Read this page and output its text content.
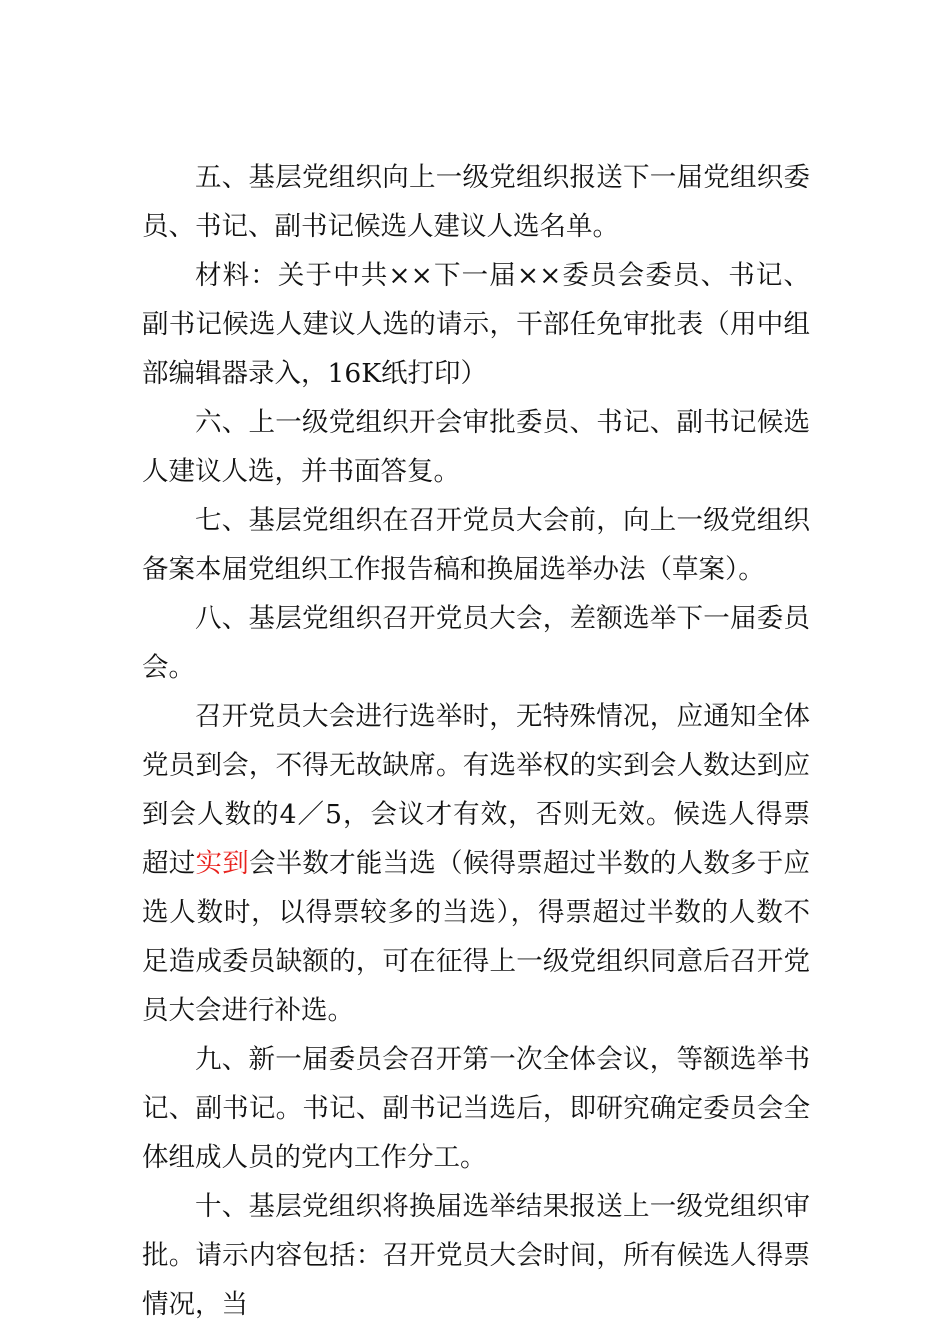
五、基层党组织向上一级党组织报送下一届党组织委员、书记、副书记候选人建议人选名单。

材料：关于中共××下一届××委员会委员、书记、副书记候选人建议人选的请示，干部任免审批表（用中组部编辑器录入，16K纸打印）

六、上一级党组织开会审批委员、书记、副书记候选人建议人选，并书面答复。

七、基层党组织在召开党员大会前，向上一级党组织备案本届党组织工作报告稿和换届选举办法（草案）。

八、基层党组织召开党员大会，差额选举下一届委员会。

召开党员大会进行选举时，无特殊情况，应通知全体党员到会，不得无故缺席。有选举权的实到会人数达到应到会人数的4／5，会议才有效，否则无效。候选人得票超过实到会半数才能当选（候得票超过半数的人数多于应选人数时，以得票较多的当选），得票超过半数的人数不足造成委员缺额的，可在征得上一级党组织同意后召开党员大会进行补选。

九、新一届委员会召开第一次全体会议，等额选举书记、副书记。书记、副书记当选后，即研究确定委员会全体组成人员的党内工作分工。

十、基层党组织将换届选举结果报送上一级党组织审批。请示内容包括：召开党员大会时间，所有候选人得票情况，当
